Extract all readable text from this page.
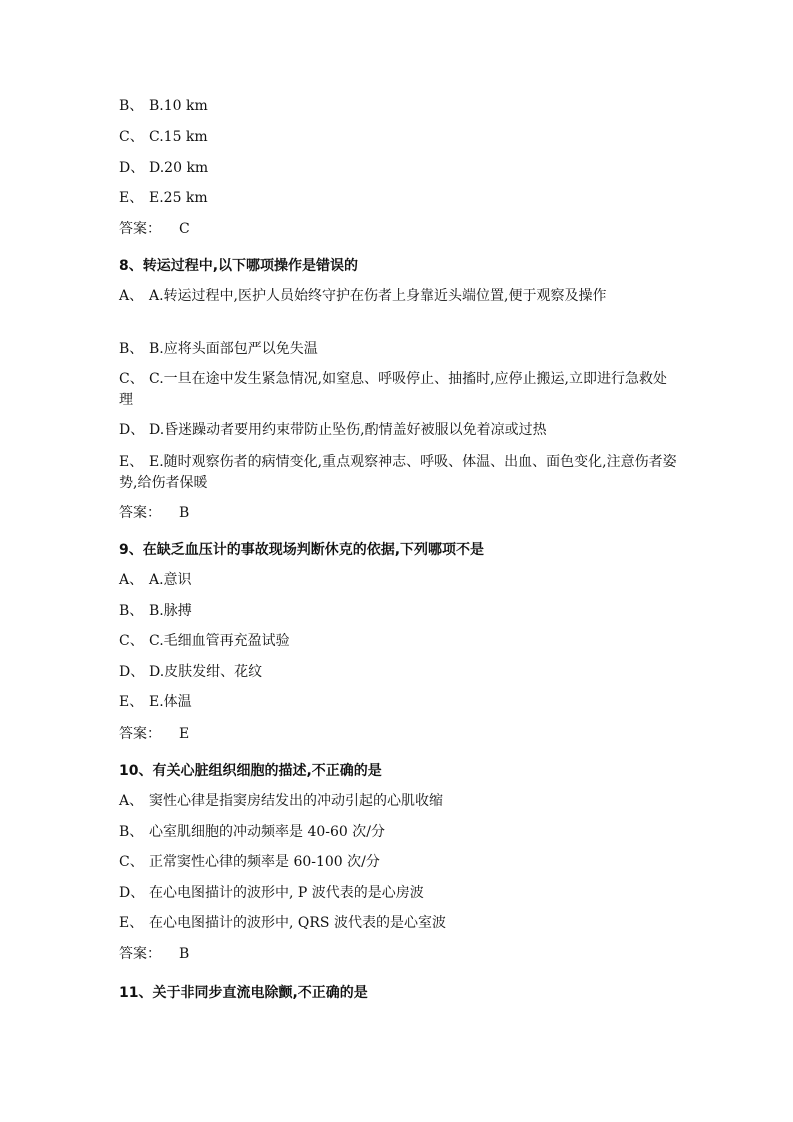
B、 B.10 km
C、 C.15 km
D、 D.20 km
E、 E.25 km
答案： C
8、转运过程中,以下哪项操作是错误的
A、 A.转运过程中,医护人员始终守护在伤者上身靠近头端位置,便于观察及操作
B、 B.应将头面部包严以免失温
C、 C.一旦在途中发生紧急情况,如窒息、呼吸停止、抽搐时,应停止搬运,立即进行急救处理
D、 D.昏迷躁动者要用约束带防止坠伤,酌情盖好被服以免着凉或过热
E、 E.随时观察伤者的病情变化,重点观察神志、呼吸、体温、出血、面色变化,注意伤者姿势,给伤者保暖
答案： B
9、在缺乏血压计的事故现场判断休克的依据,下列哪项不是
A、 A.意识
B、 B.脉搏
C、 C.毛细血管再充盈试验
D、 D.皮肤发绀、花纹
E、 E.体温
答案： E
10、有关心脏组织细胞的描述,不正确的是
A、 窦性心律是指窦房结发出的冲动引起的心肌收缩
B、 心室肌细胞的冲动频率是 40-60 次/分
C、 正常窦性心律的频率是 60-100 次/分
D、 在心电图描计的波形中, P 波代表的是心房波
E、 在心电图描计的波形中, QRS 波代表的是心室波
答案： B
11、关于非同步直流电除颤,不正确的是
